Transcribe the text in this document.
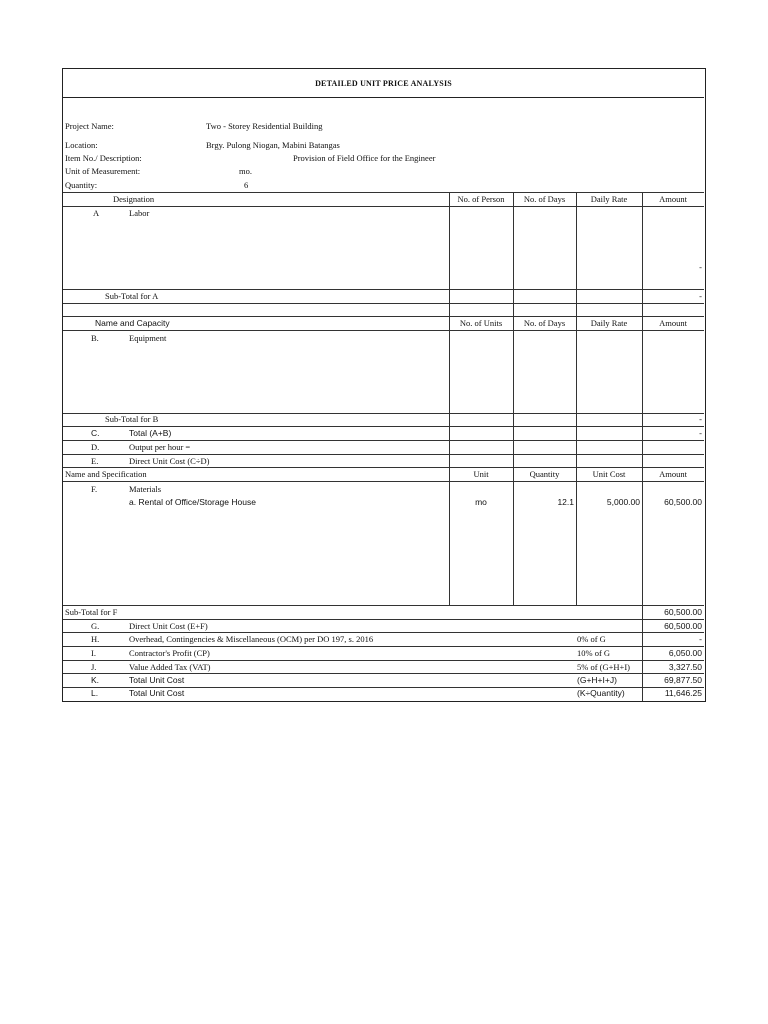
DETAILED UNIT PRICE ANALYSIS
Project Name:	Two - Storey Residential Building
Location:	Brgy. Pulong Niogan, Mabini Batangas
Item No./ Description:	Provision of Field Office for the Engineer
Unit of Measurement:	mo.
Quantity:	6
Designation	No. of Person	No. of Days	Daily Rate	Amount
A	Labor
-
Sub-Total for A	-
Name and Capacity	No. of Units	No. of Days	Daily Rate	Amount
B.	Equipment
Sub-Total for B	-
C.	Total (A+B)	-
D.	Output per hour =
E.	Direct Unit Cost (C÷D)
Name and Specification	Unit	Quantity	Unit Cost	Amount
F.	Materials
a. Rental of Office/Storage House	mo	12.1	5,000.00	60,500.00
Sub-Total for F	60,500.00
G.	Direct Unit Cost (E+F)	60,500.00
H.	Overhead, Contingencies & Miscellaneous (OCM) per DO 197, s. 2016	0% of G	-
I.	Contractor's Profit (CP)	10% of G	6,050.00
J.	Value Added Tax (VAT)	5% of (G+H+I)	3,327.50
K.	Total Unit Cost	(G+H+I+J)	69,877.50
L.	Total Unit Cost	(K÷Quantity)	11,646.25
